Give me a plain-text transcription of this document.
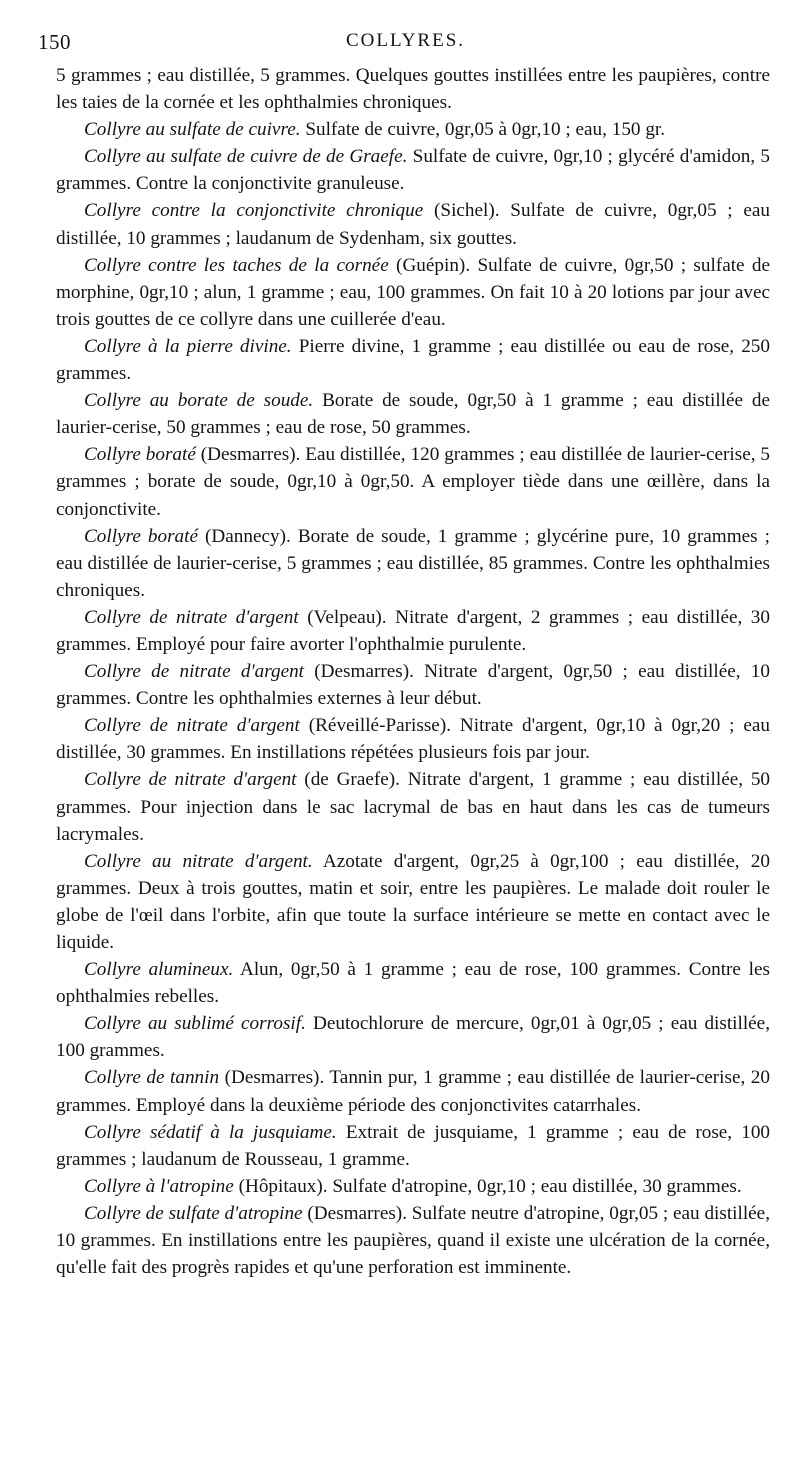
150	COLLYRES.

5 grammes ; eau distillée, 5 grammes. Quelques gouttes instillées entre les paupières, contre les taies de la cornée et les ophthalmies chroniques.

Collyre au sulfate de cuivre. Sulfate de cuivre, 0gr,05 à 0gr,10 ; eau, 150 gr.

Collyre au sulfate de cuivre de de Graefe. Sulfate de cuivre, 0gr,10 ; glycéré d'amidon, 5 grammes. Contre la conjonctivite granuleuse.

Collyre contre la conjonctivite chronique (Sichel). Sulfate de cuivre, 0gr,05 ; eau distillée, 10 grammes ; laudanum de Sydenham, six gouttes.

Collyre contre les taches de la cornée (Guépin). Sulfate de cuivre, 0gr,50 ; sulfate de morphine, 0gr,10 ; alun, 1 gramme ; eau, 100 grammes. On fait 10 à 20 lotions par jour avec trois gouttes de ce collyre dans une cuillerée d'eau.

Collyre à la pierre divine. Pierre divine, 1 gramme ; eau distillée ou eau de rose, 250 grammes.

Collyre au borate de soude. Borate de soude, 0gr,50 à 1 gramme ; eau distillée de laurier-cerise, 50 grammes ; eau de rose, 50 grammes.

Collyre boraté (Desmarres). Eau distillée, 120 grammes ; eau distillée de laurier-cerise, 5 grammes ; borate de soude, 0gr,10 à 0gr,50. A employer tiède dans une œillère, dans la conjonctivite.

Collyre boraté (Dannecy). Borate de soude, 1 gramme ; glycérine pure, 10 grammes ; eau distillée de laurier-cerise, 5 grammes ; eau distillée, 85 grammes. Contre les ophthalmies chroniques.

Collyre de nitrate d'argent (Velpeau). Nitrate d'argent, 2 grammes ; eau distillée, 30 grammes. Employé pour faire avorter l'ophthalmie purulente.

Collyre de nitrate d'argent (Desmarres). Nitrate d'argent, 0gr,50 ; eau distillée, 10 grammes. Contre les ophthalmies externes à leur début.

Collyre de nitrate d'argent (Réveillé-Parisse). Nitrate d'argent, 0gr,10 à 0gr,20 ; eau distillée, 30 grammes. En instillations répétées plusieurs fois par jour.

Collyre de nitrate d'argent (de Graefe). Nitrate d'argent, 1 gramme ; eau distillée, 50 grammes. Pour injection dans le sac lacrymal de bas en haut dans les cas de tumeurs lacrymales.

Collyre au nitrate d'argent. Azotate d'argent, 0gr,25 à 0gr,100 ; eau distillée, 20 grammes. Deux à trois gouttes, matin et soir, entre les paupières. Le malade doit rouler le globe de l'œil dans l'orbite, afin que toute la surface intérieure se mette en contact avec le liquide.

Collyre alumineux. Alun, 0gr,50 à 1 gramme ; eau de rose, 100 grammes. Contre les ophthalmies rebelles.

Collyre au sublimé corrosif. Deutochlorure de mercure, 0gr,01 à 0gr,05 ; eau distillée, 100 grammes.

Collyre de tannin (Desmarres). Tannin pur, 1 gramme ; eau distillée de laurier-cerise, 20 grammes. Employé dans la deuxième période des conjonctivites catarrhales.

Collyre sédatif à la jusquiame. Extrait de jusquiame, 1 gramme ; eau de rose, 100 grammes ; laudanum de Rousseau, 1 gramme.

Collyre à l'atropine (Hôpitaux). Sulfate d'atropine, 0gr,10 ; eau distillée, 30 grammes.

Collyre de sulfate d'atropine (Desmarres). Sulfate neutre d'atropine, 0gr,05 ; eau distillée, 10 grammes. En instillations entre les paupières, quand il existe une ulcération de la cornée, qu'elle fait des progrès rapides et qu'une perforation est imminente.
